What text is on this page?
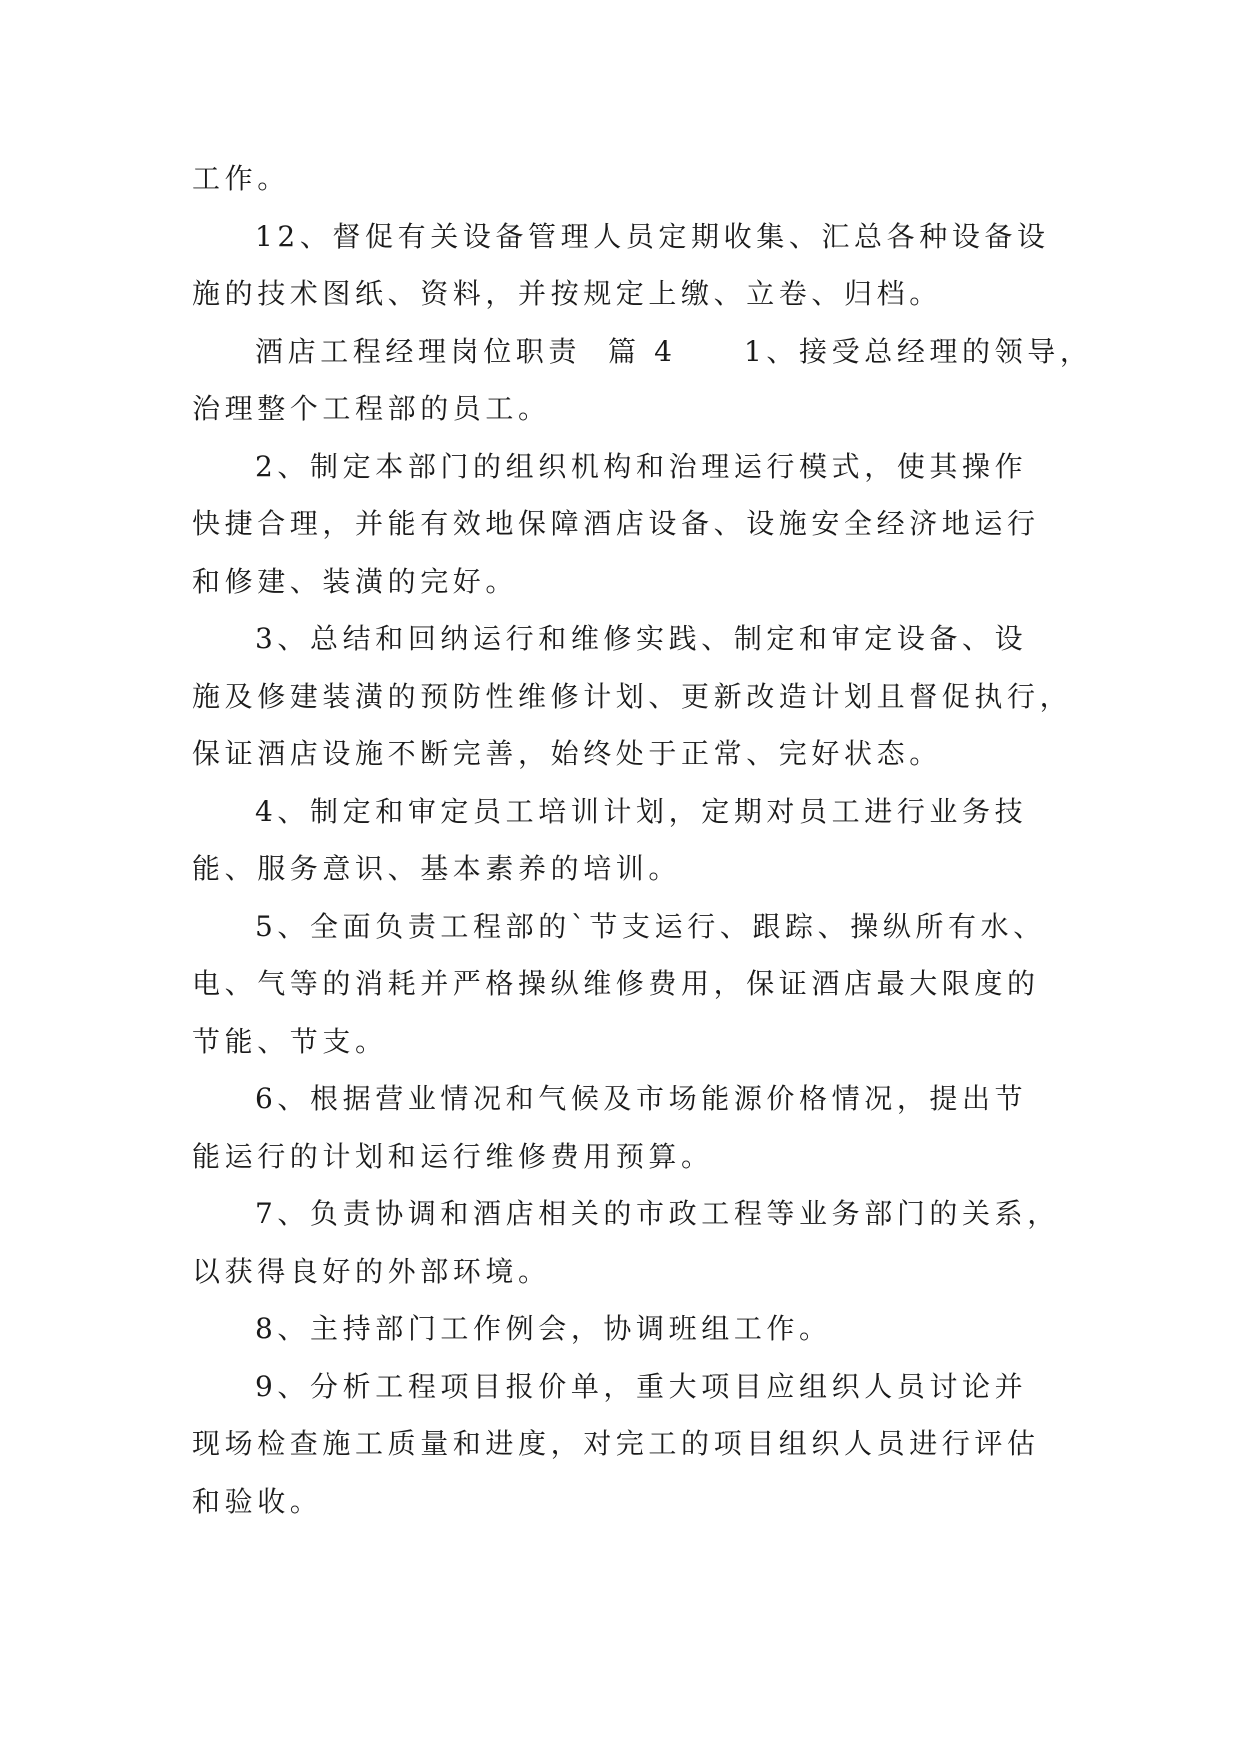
工作。
12、督促有关设备管理人员定期收集、汇总各种设备设
施的技术图纸、资料，并按规定上缴、立卷、归档。
酒店工程经理岗位职责  篇 4     1、接受总经理的领导，
治理整个工程部的员工。
2、制定本部门的组织机构和治理运行模式，使其操作
快捷合理，并能有效地保障酒店设备、设施安全经济地运行
和修建、装潢的完好。
3、总结和回纳运行和维修实践、制定和审定设备、设
施及修建装潢的预防性维修计划、更新改造计划且督促执行，
保证酒店设施不断完善，始终处于正常、完好状态。
4、制定和审定员工培训计划，定期对员工进行业务技
能、服务意识、基本素养的培训。
5、全面负责工程部的`节支运行、跟踪、操纵所有水、
电、气等的消耗并严格操纵维修费用，保证酒店最大限度的
节能、节支。
6、根据营业情况和气候及市场能源价格情况，提出节
能运行的计划和运行维修费用预算。
7、负责协调和酒店相关的市政工程等业务部门的关系，
以获得良好的外部环境。
8、主持部门工作例会，协调班组工作。
9、分析工程项目报价单，重大项目应组织人员讨论并
现场检查施工质量和进度，对完工的项目组织人员进行评估
和验收。
